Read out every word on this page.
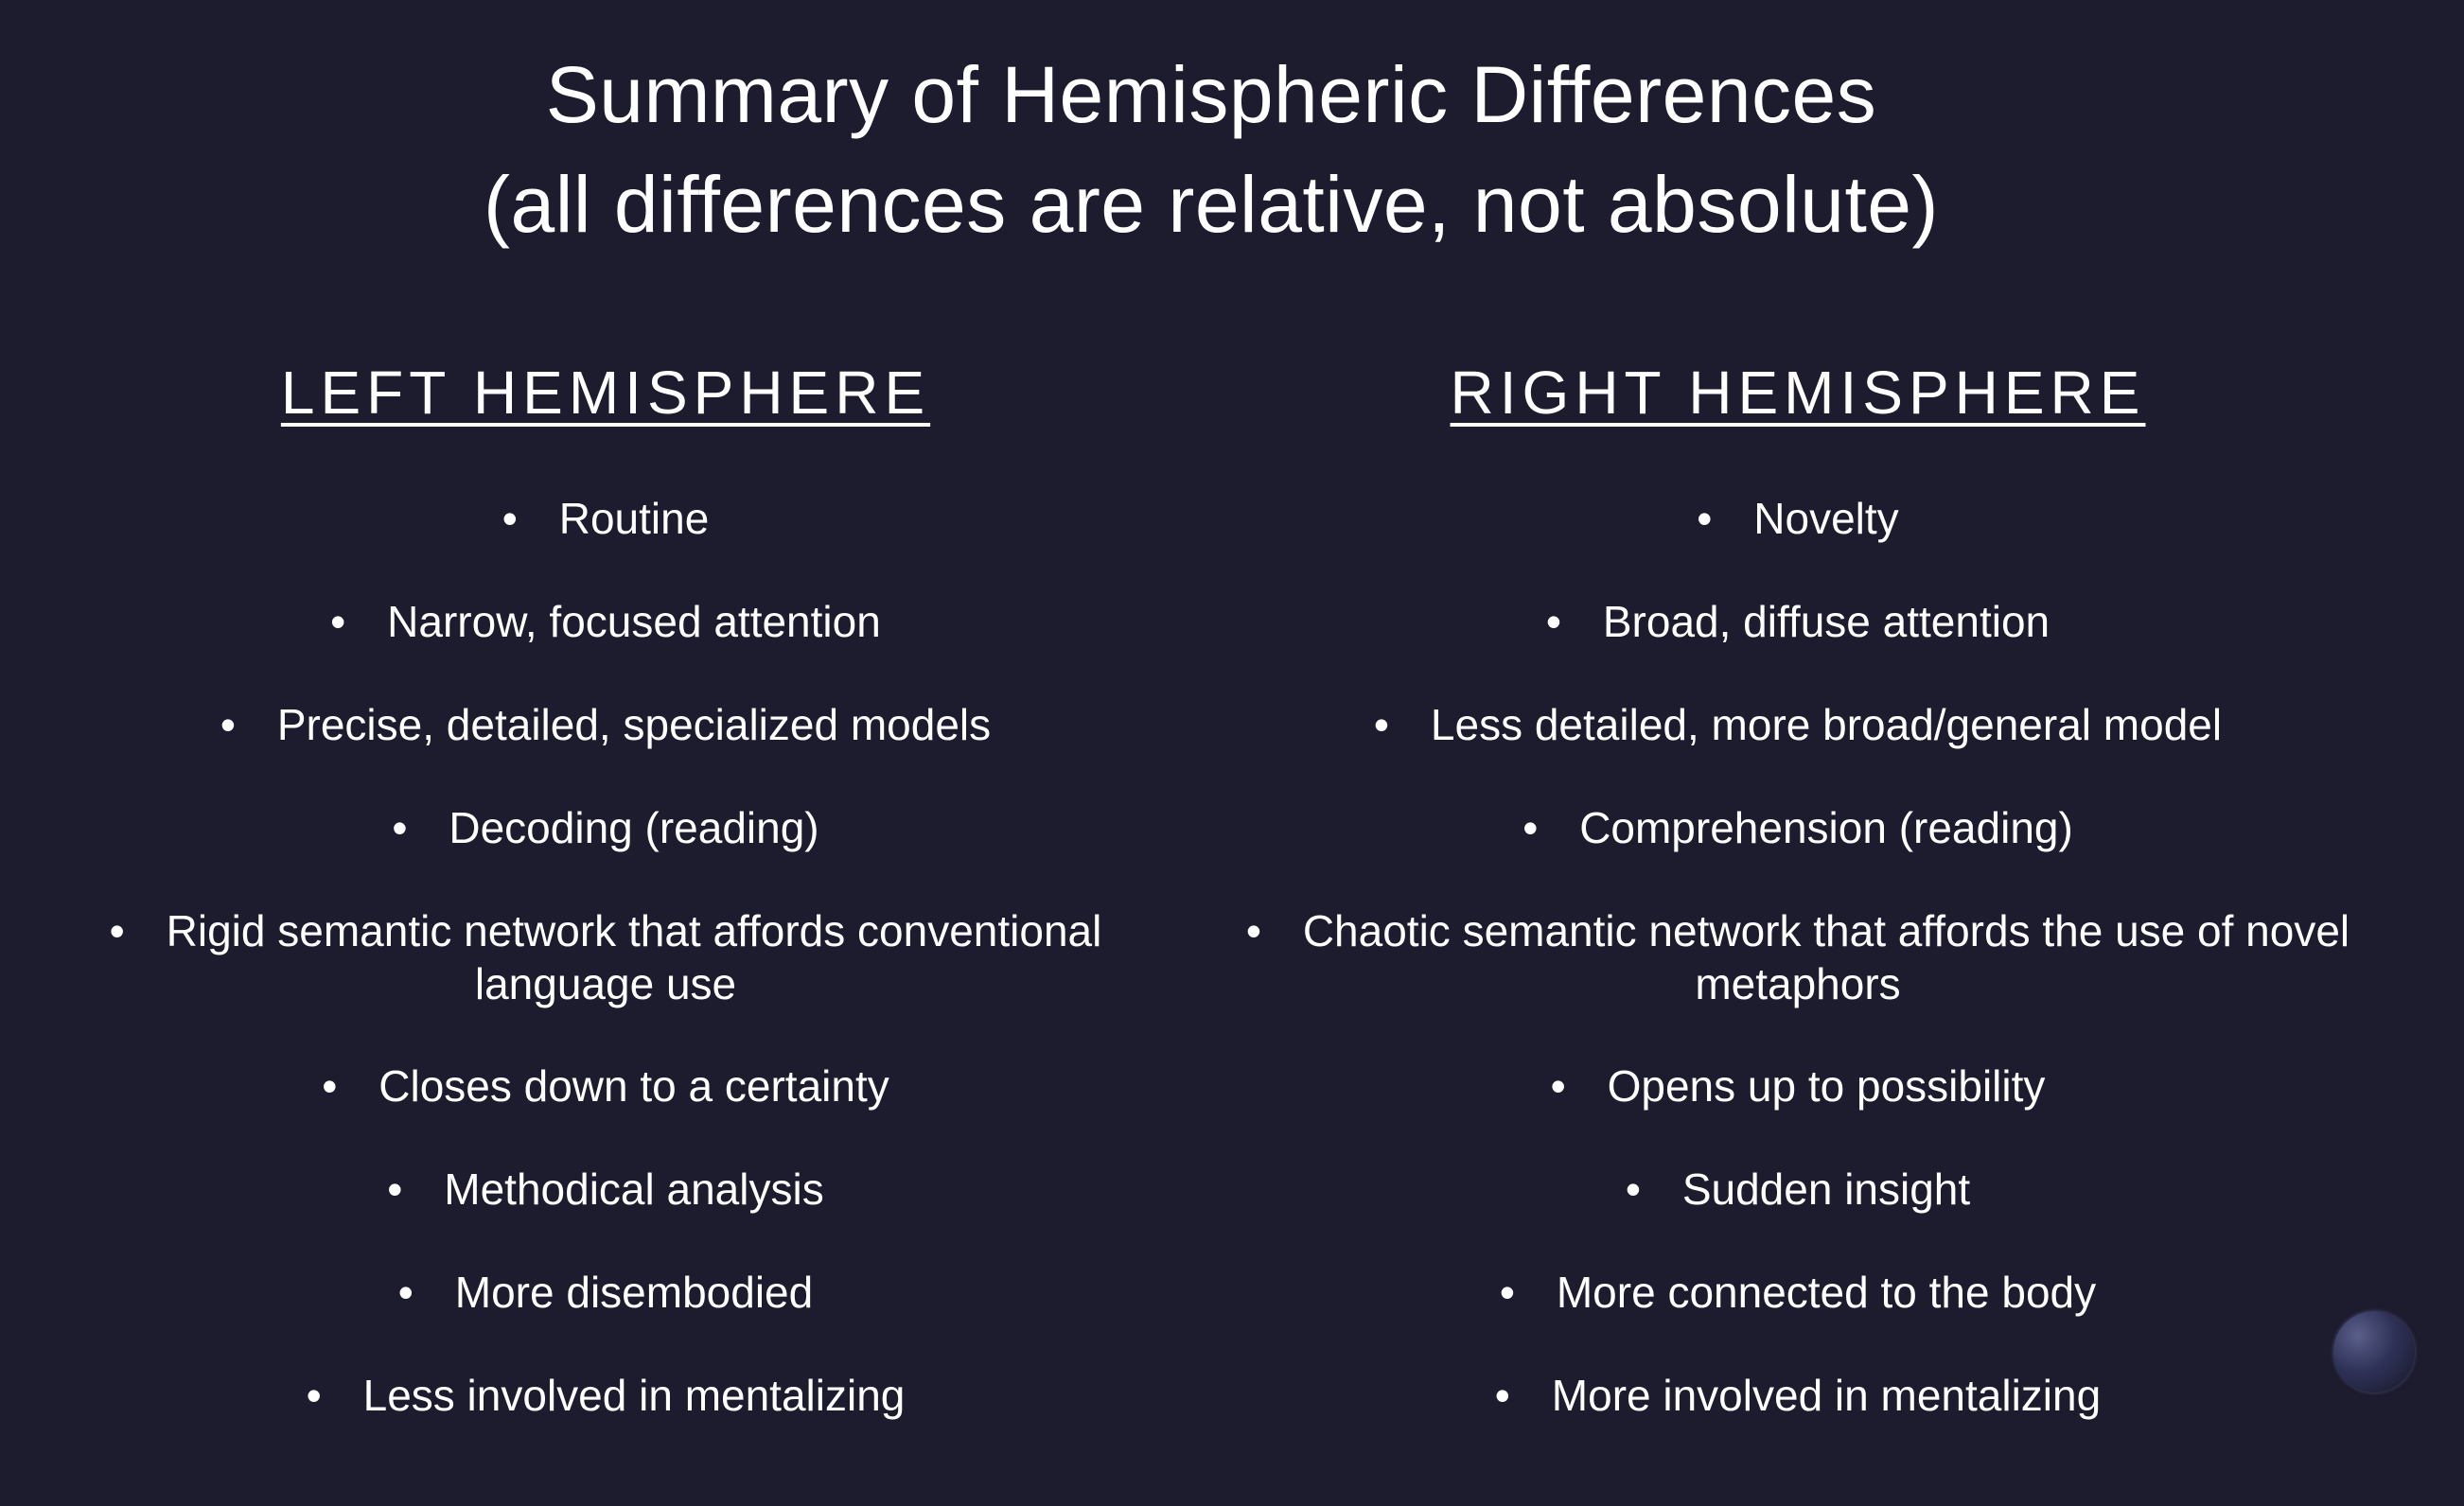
Summary of Hemispheric Differences
(all differences are relative, not absolute)
LEFT HEMISPHERE
• Routine
• Narrow, focused attention
• Precise, detailed, specialized models
• Decoding (reading)
• Rigid semantic network that affords conventional
language use
• Closes down to a certainty
• Methodical analysis
• More disembodied
• Less involved in mentalizing
RIGHT HEMISPHERE
• Novelty
• Broad, diffuse attention
• Less detailed, more broad/general model
• Comprehension (reading)
• Chaotic semantic network that affords the use of novel
metaphors
• Opens up to possibility
• Sudden insight
• More connected to the body
• More involved in mentalizing
